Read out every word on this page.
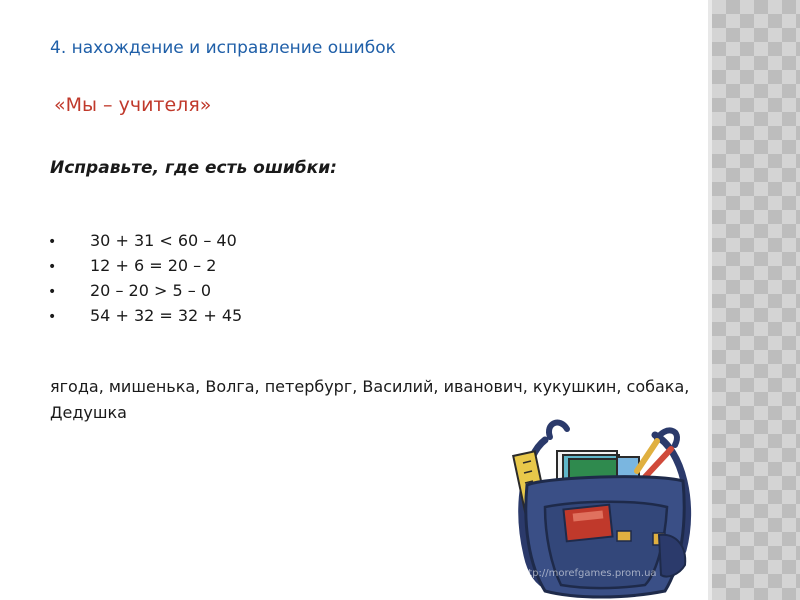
4. нахождение и исправление ошибок
«Мы – учителя»
Исправьте, где есть ошибки:
• 30 + 31 < 60 – 40
• 12 + 6 = 20 – 2
• 20 – 20 > 5 – 0
• 54 + 32 = 32 + 45
ягода, мишенька, Волга, петербург, Василий, иванович, кукушкин, собака, Дедушка
http://morefgames.prom.ua
